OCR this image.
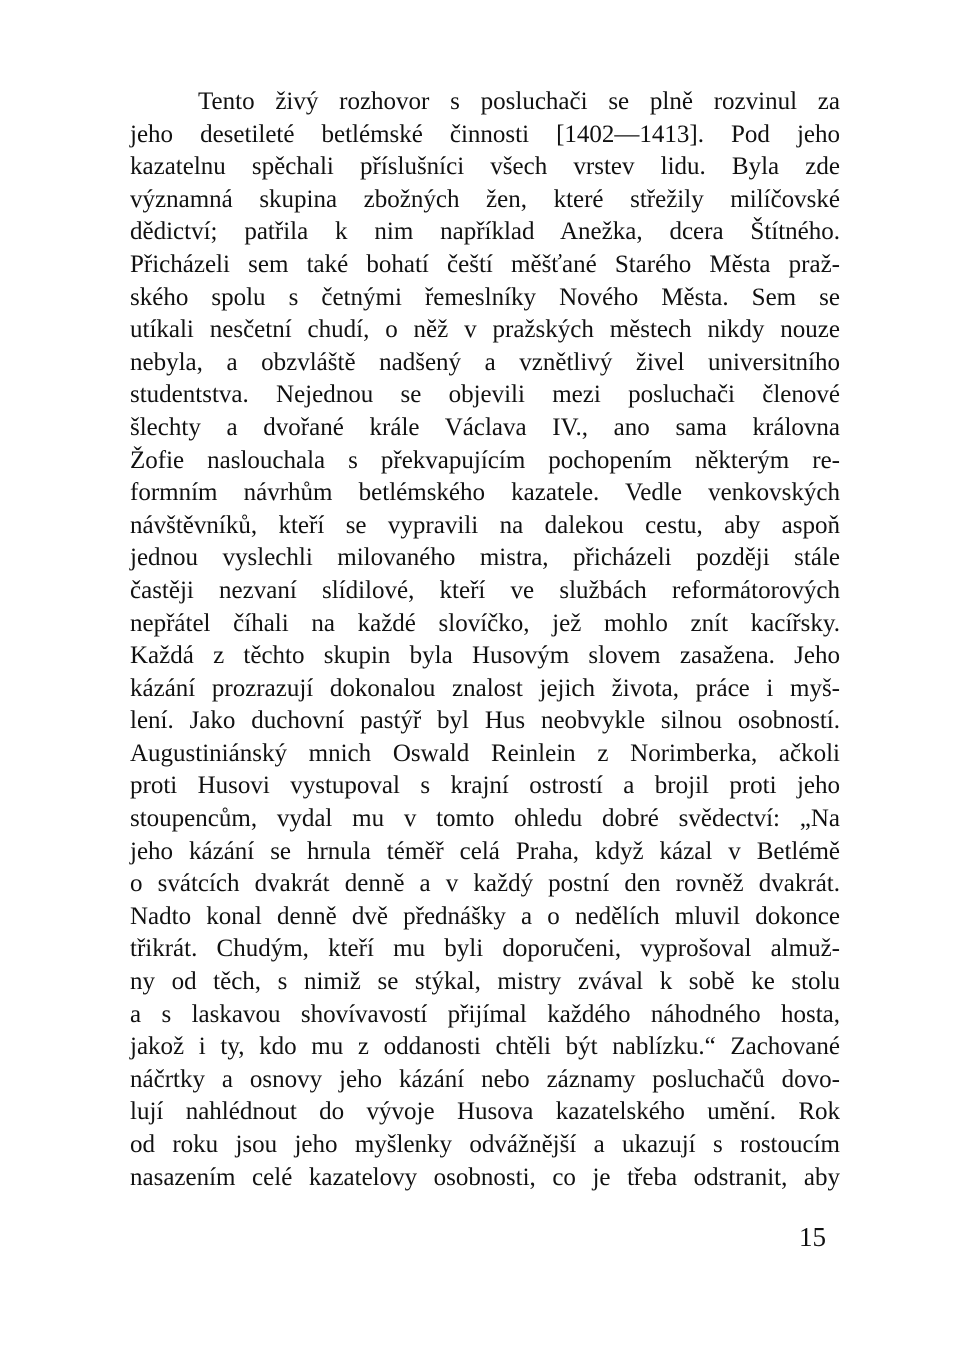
Tento živý rozhovor s posluchači se plně rozvinul za
jeho desetileté betlémské činnosti [1402—1413]. Pod jeho
kazatelnu spěchali příslušníci všech vrstev lidu. Byla zde
významná skupina zbožných žen, které střežily milíčovské
dědictví; patřila k nim například Anežka, dcera Štítného.
Přicházeli sem také bohatí čeští měšťané Starého Města praž-
ského spolu s četnými řemeslníky Nového Města. Sem se
utíkali nesčetní chudí, o něž v pražských městech nikdy nouze
nebyla, a obzvláště nadšený a vznětlivý živel universitního
studentstva. Nejednou se objevili mezi posluchači členové
šlechty a dvořané krále Václava IV., ano sama královna
Žofie naslouchala s překvapujícím pochopením některým re-
formním návrhům betlémského kazatele. Vedle venkovských
návštěvníků, kteří se vypravili na dalekou cestu, aby aspoň
jednou vyslechli milovaného mistra, přicházeli později stále
častěji nezvaní slídilové, kteří ve službách reformátorových
nepřátel číhali na každé slovíčko, jež mohlo znít kacířsky.
Každá z těchto skupin byla Husovým slovem zasažena. Jeho
kázání prozrazují dokonalou znalost jejich života, práce i myš-
lení. Jako duchovní pastýř byl Hus neobvykle silnou osobností.
Augustiniánský mnich Oswald Reinlein z Norimberka, ačkoli
proti Husovi vystupoval s krajní ostrostí a brojil proti jeho
stoupencům, vydal mu v tomto ohledu dobré svědectví: „Na
jeho kázání se hrnula téměř celá Praha, když kázal v Betlémě
o svátcích dvakrát denně a v každý postní den rovněž dvakrát.
Nadto konal denně dvě přednášky a o nedělích mluvil dokonce
třikrát. Chudým, kteří mu byli doporučeni, vyprošoval almuž-
ny od těch, s nimiž se stýkal, mistry zvával k sobě ke stolu
a s laskavou shovívavostí přijímal každého náhodného hosta,
jakož i ty, kdo mu z oddanosti chtěli být nablízku.“ Zachované
náčrtky a osnovy jeho kázání nebo záznamy posluchačů dovo-
lují nahlédnout do vývoje Husova kazatelského umění. Rok
od roku jsou jeho myšlenky odvážnější a ukazují s rostoucím
nasazením celé kazatelovy osobnosti, co je třeba odstranit, aby
15
